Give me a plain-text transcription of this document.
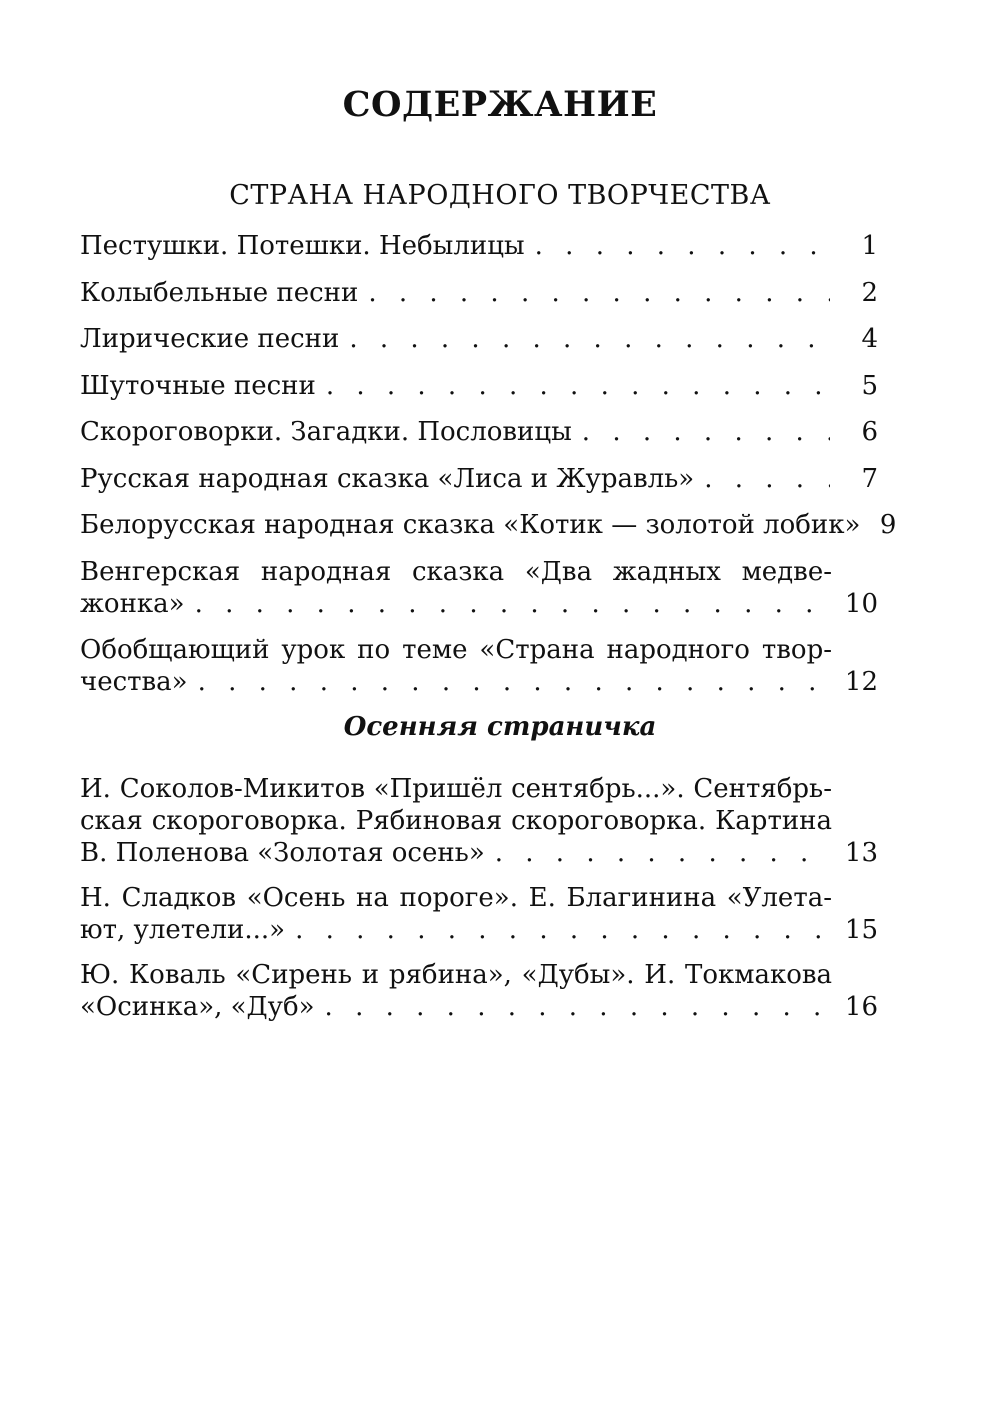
СОДЕРЖАНИЕ
СТРАНА НАРОДНОГО ТВОРЧЕСТВА
Пестушки. Потешки. Небылицы . . .	1
Колыбельные песни . . .	2
Лирические песни . . .	4
Шуточные песни . . .	5
Скороговорки. Загадки. Пословицы . . .	6
Русская народная сказка «Лиса и Журавль» . . .	7
Белорусская народная сказка «Котик — золотой лобик» 9
Венгерская народная сказка «Два жадных медве-
жонка» . . .	10
Обобщающий урок по теме «Страна народного твор-
чества» . . .	12
Осенняя страничка
И. Соколов-Микитов «Пришёл сентябрь...». Сентябрь-
ская скороговорка. Рябиновая скороговорка. Картина
В. Поленова «Золотая осень» . . .	13
Н. Сладков «Осень на пороге». Е. Благинина «Улета-
ют, улетели...» . . .	15
Ю. Коваль «Сирень и рябина», «Дубы». И. Токмакова
«Осинка», «Дуб» . . .	16
